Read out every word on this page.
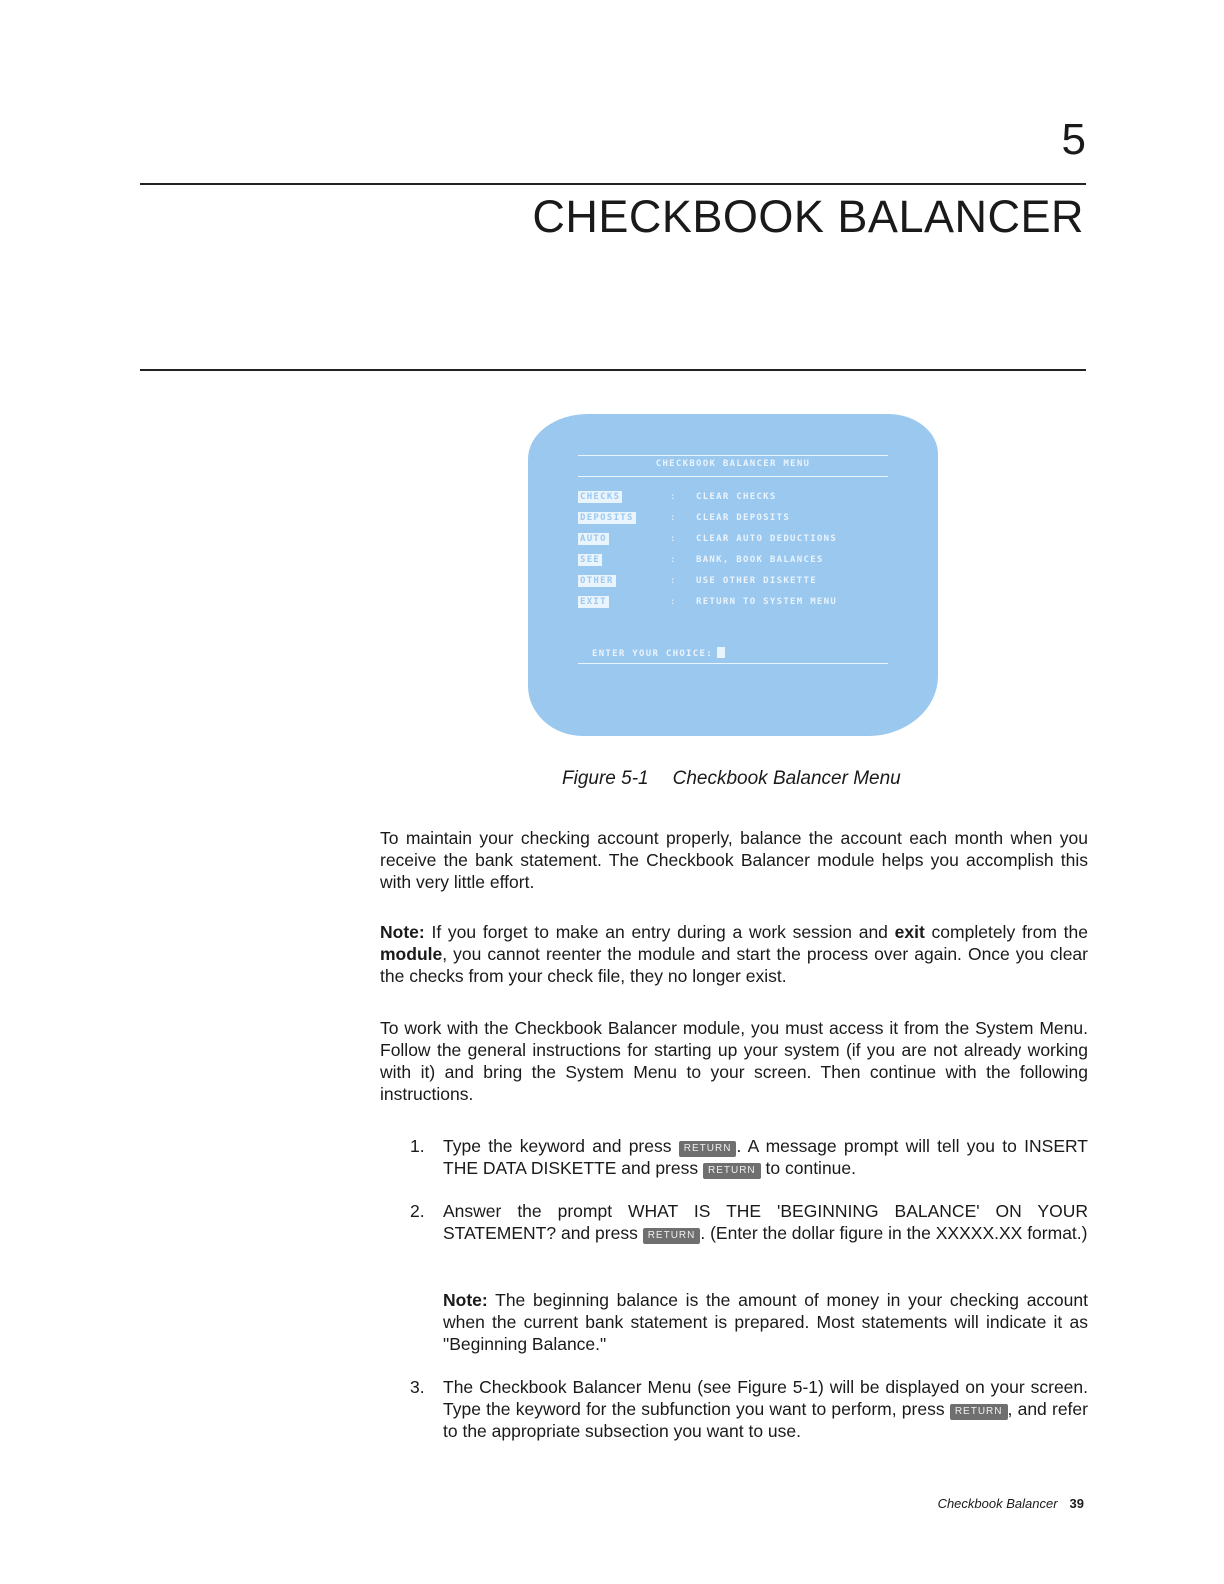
5
CHECKBOOK BALANCER
CHECKBOOK BALANCER MENU
CHECKS	: CLEAR CHECKS
DEPOSITS	: CLEAR DEPOSITS
AUTO	: CLEAR AUTO DEDUCTIONS
SEE	: BANK, BOOK BALANCES
OTHER	: USE OTHER DISKETTE
EXIT	: RETURN TO SYSTEM MENU
ENTER YOUR CHOICE:
Figure 5-1 Checkbook Balancer Menu
To maintain your checking account properly, balance the account each month when you receive the bank statement. The Checkbook Balancer module helps you accomplish this with very little effort.
Note: If you forget to make an entry during a work session and exit completely from the module, you cannot reenter the module and start the process over again. Once you clear the checks from your check file, they no longer exist.
To work with the Checkbook Balancer module, you must access it from the System Menu. Follow the general instructions for starting up your system (if you are not already working with it) and bring the System Menu to your screen. Then continue with the following instructions.
1. Type the keyword and press RETURN . A message prompt will tell you to INSERT THE DATA DISKETTE and press RETURN to continue.
2. Answer the prompt WHAT IS THE 'BEGINNING BALANCE' ON YOUR STATEMENT? and press RETURN . (Enter the dollar figure in the XXXXX.XX format.)
Note: The beginning balance is the amount of money in your checking account when the current bank statement is prepared. Most statements will indicate it as "Beginning Balance."
3. The Checkbook Balancer Menu (see Figure 5-1) will be displayed on your screen. Type the keyword for the subfunction you want to perform, press RETURN , and refer to the appropriate subsection you want to use.
Checkbook Balancer 39
